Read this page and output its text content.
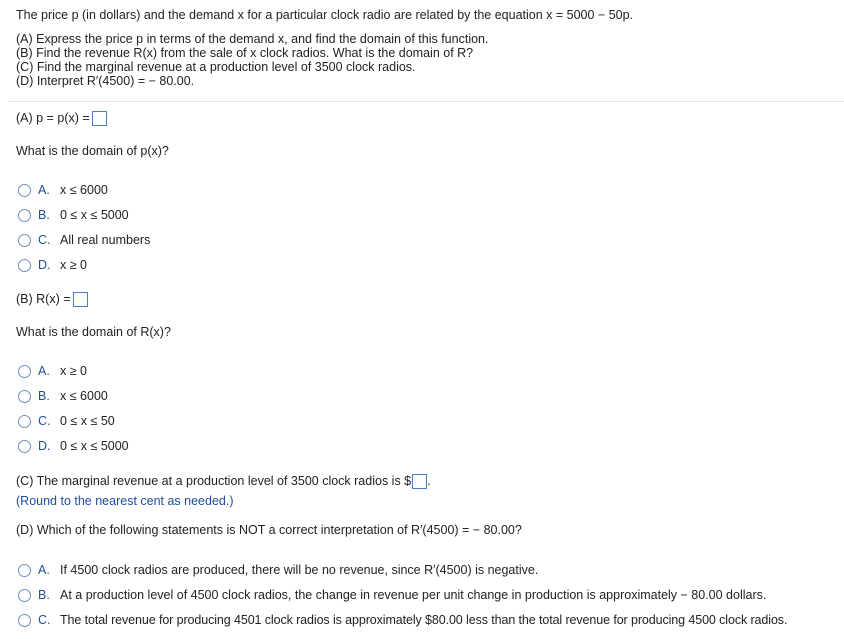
The price p (in dollars) and the demand x for a particular clock radio are related by the equation x = 5000 − 50p.
(A) Express the price p in terms of the demand x, and find the domain of this function.
(B) Find the revenue R(x) from the sale of x clock radios. What is the domain of R?
(C) Find the marginal revenue at a production level of 3500 clock radios.
(D) Interpret R′(4500) = − 80.00.
(A) p = p(x) =
What is the domain of p(x)?
A. x ≤ 6000
B. 0 ≤ x ≤ 5000
C. All real numbers
D. x ≥ 0
(B) R(x) =
What is the domain of R(x)?
A. x ≥ 0
B. x ≤ 6000
C. 0 ≤ x ≤ 50
D. 0 ≤ x ≤ 5000
(C) The marginal revenue at a production level of 3500 clock radios is $ .
(Round to the nearest cent as needed.)
(D) Which of the following statements is NOT a correct interpretation of R′(4500) = − 80.00?
A. If 4500 clock radios are produced, there will be no revenue, since R′(4500) is negative.
B. At a production level of 4500 clock radios, the change in revenue per unit change in production is approximately − 80.00 dollars.
C. The total revenue for producing 4501 clock radios is approximately $80.00 less than the total revenue for producing 4500 clock radios.
